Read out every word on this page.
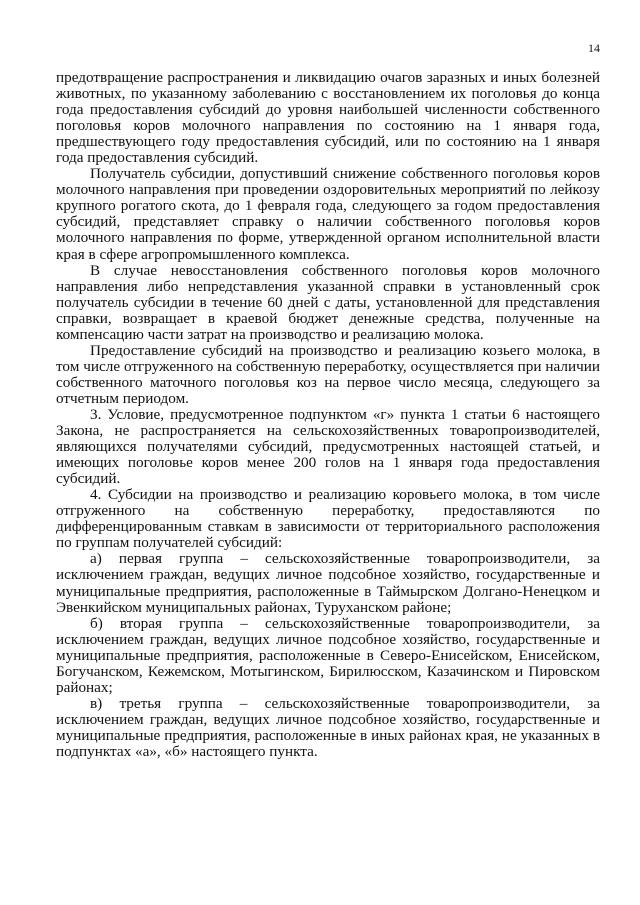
14

предотвращение распространения и ликвидацию очагов заразных и иных болезней животных, по указанному заболеванию с восстановлением их поголовья до конца года предоставления субсидий до уровня наибольшей численности собственного поголовья коров молочного направления по состоянию на 1 января года, предшествующего году предоставления субсидий, или по состоянию на 1 января года предоставления субсидий.

Получатель субсидии, допустивший снижение собственного поголовья коров молочного направления при проведении оздоровительных мероприятий по лейкозу крупного рогатого скота, до 1 февраля года, следующего за годом предоставления субсидий, представляет справку о наличии собственного поголовья коров молочного направления по форме, утвержденной органом исполнительной власти края в сфере агропромышленного комплекса.

В случае невосстановления собственного поголовья коров молочного направления либо непредставления указанной справки в установленный срок получатель субсидии в течение 60 дней с даты, установленной для представления справки, возвращает в краевой бюджет денежные средства, полученные на компенсацию части затрат на производство и реализацию молока.

Предоставление субсидий на производство и реализацию козьего молока, в том числе отгруженного на собственную переработку, осуществляется при наличии собственного маточного поголовья коз на первое число месяца, следующего за отчетным периодом.

3. Условие, предусмотренное подпунктом «г» пункта 1 статьи 6 настоящего Закона, не распространяется на сельскохозяйственных товаропроизводителей, являющихся получателями субсидий, предусмотренных настоящей статьей, и имеющих поголовье коров менее 200 голов на 1 января года предоставления субсидий.

4. Субсидии на производство и реализацию коровьего молока, в том числе отгруженного на собственную переработку, предоставляются по дифференцированным ставкам в зависимости от территориального расположения по группам получателей субсидий:

а) первая группа – сельскохозяйственные товаропроизводители, за исключением граждан, ведущих личное подсобное хозяйство, государственные и муниципальные предприятия, расположенные в Таймырском Долгано-Ненецком и Эвенкийском муниципальных районах, Туруханском районе;

б) вторая группа – сельскохозяйственные товаропроизводители, за исключением граждан, ведущих личное подсобное хозяйство, государственные и муниципальные предприятия, расположенные в Северо-Енисейском, Енисейском, Богучанском, Кежемском, Мотыгинском, Бирилюсском, Казачинском и Пировском районах;

в) третья группа – сельскохозяйственные товаропроизводители, за исключением граждан, ведущих личное подсобное хозяйство, государственные и муниципальные предприятия, расположенные в иных районах края, не указанных в подпунктах «а», «б» настоящего пункта.
